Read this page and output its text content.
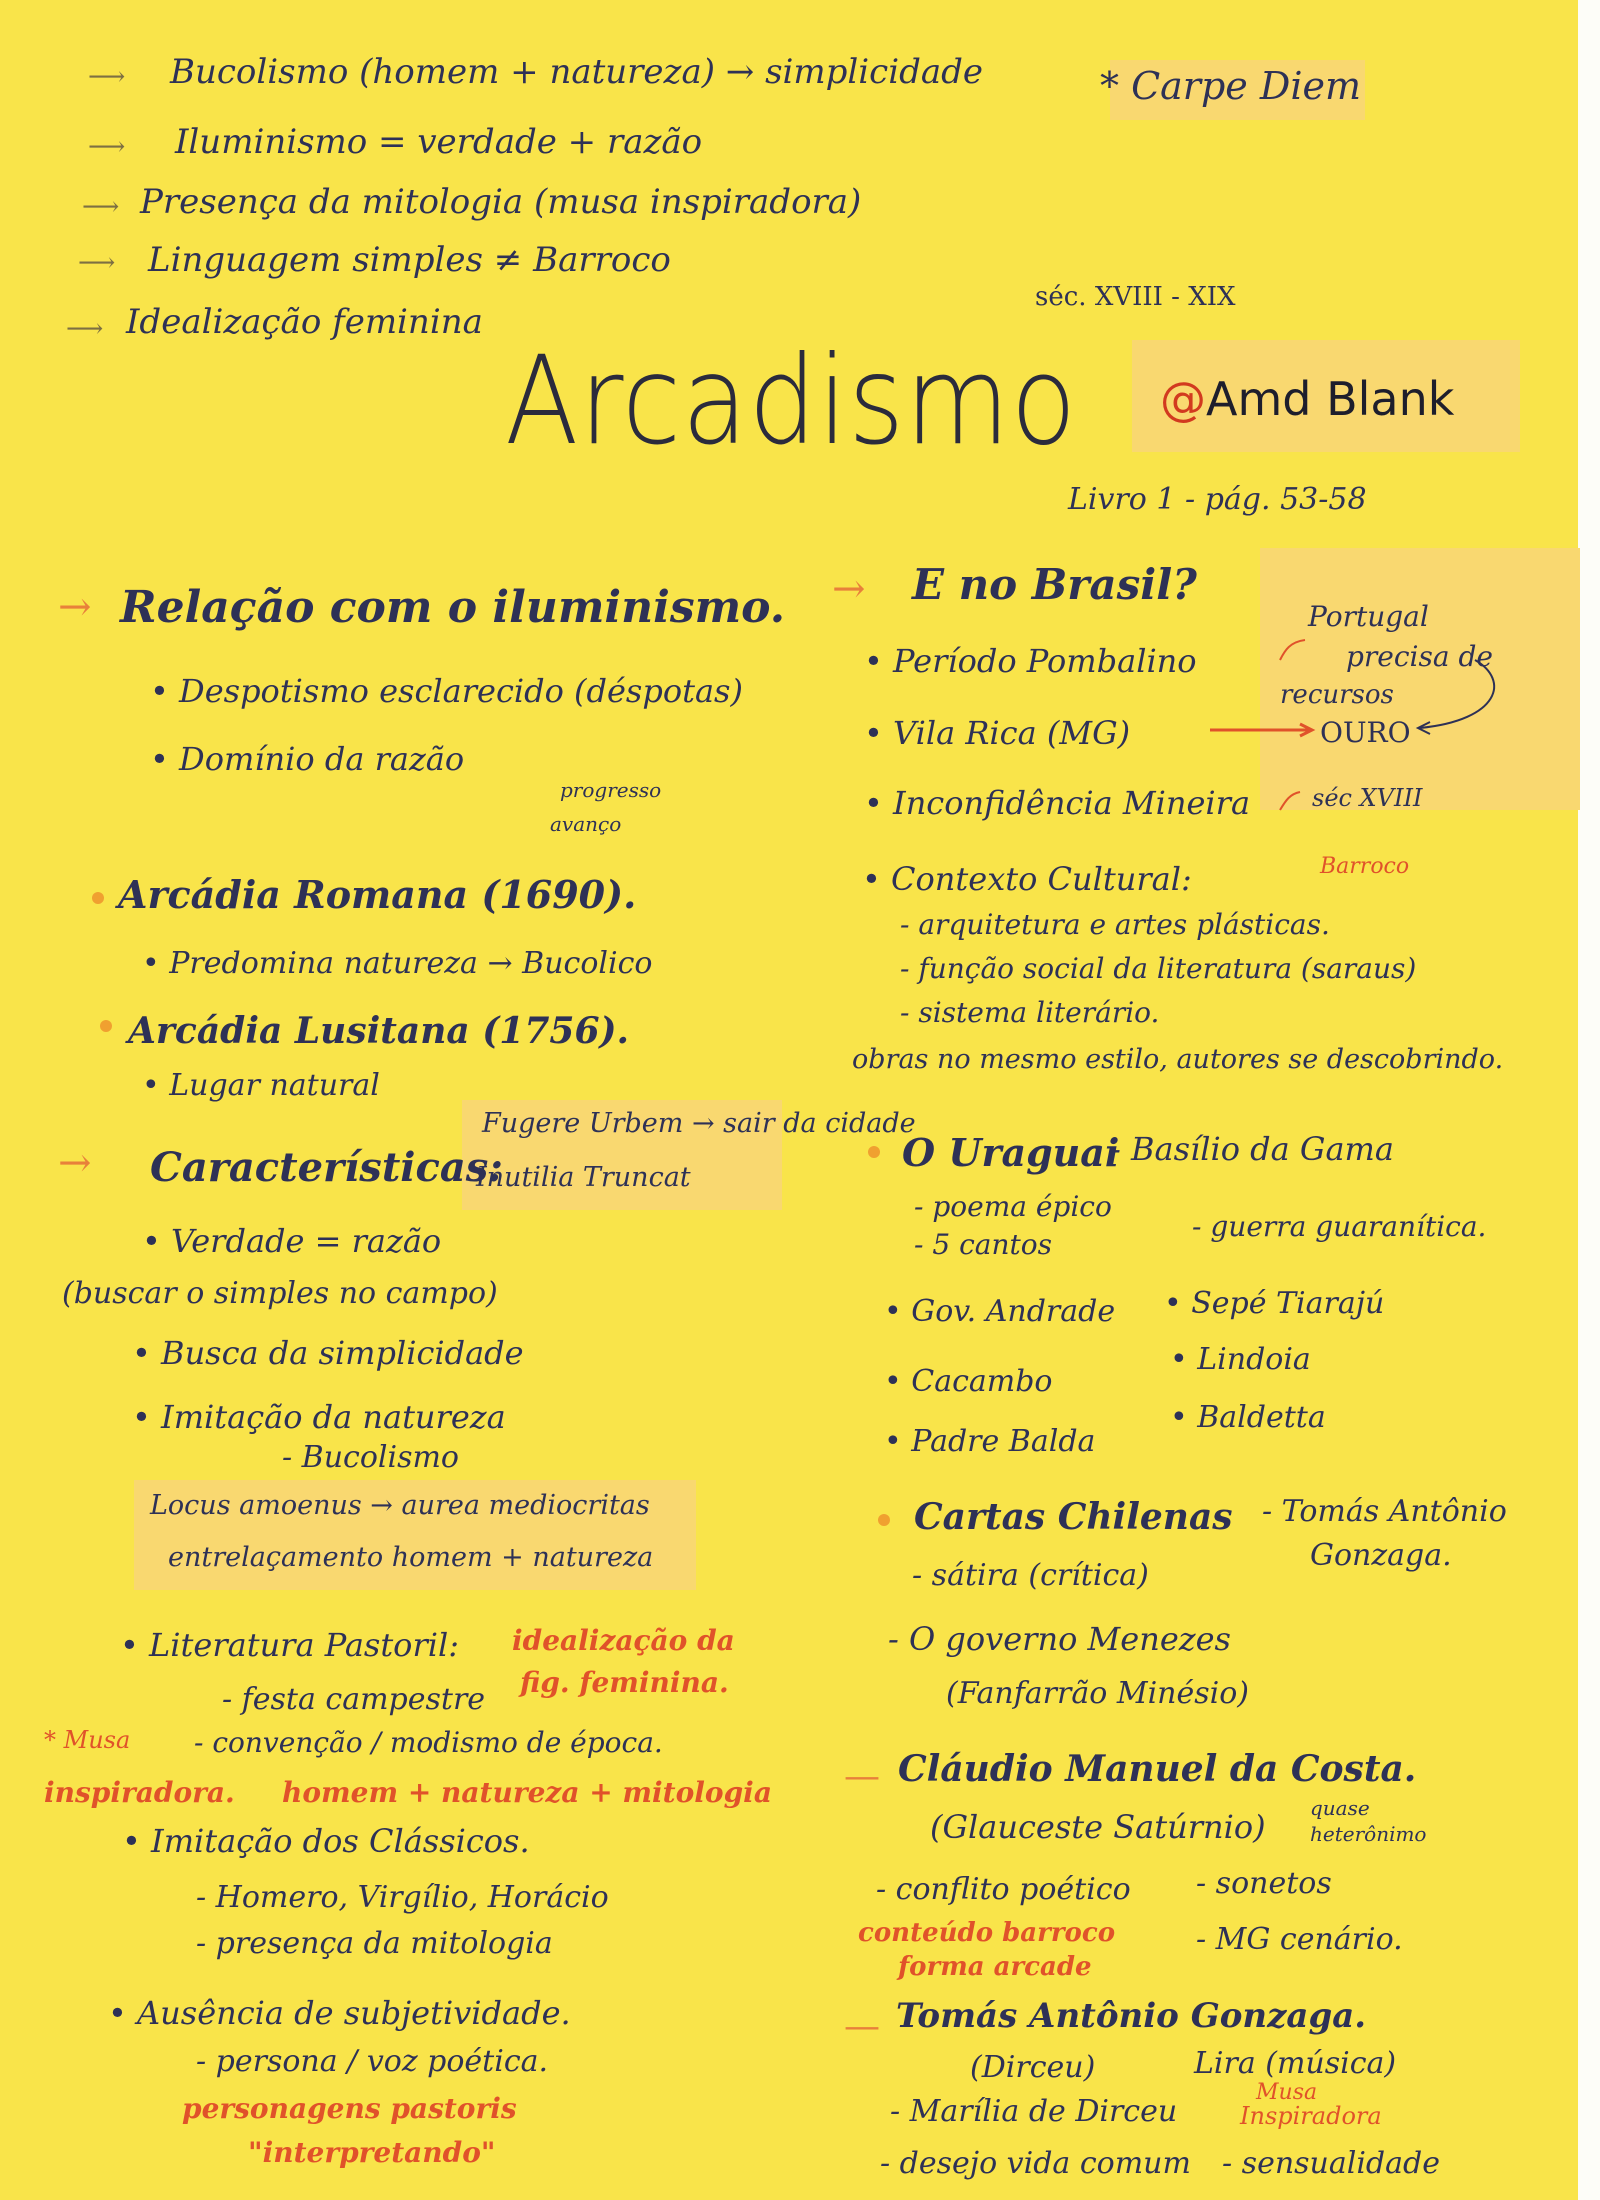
⟶ Bucolismo (homem + natureza) → simplicidade
⟶ Iluminismo = verdade + razão
⟶ Presença da mitologia (musa inspiradora)
⟶ Linguagem simples ≠ Barroco
⟶ Idealização feminina
* Carpe Diem
séc. XVIII - XIX
@Amd Blank
Arcadismo
Livro 1 - pág. 53-58
→ Relação com o iluminismo.
• Despotismo esclarecido (déspotas)
• Domínio da razão
progresso
avanço
Arcádia Romana (1690).
• Predomina natureza → Bucolico
Arcádia Lusitana (1756).
• Lugar natural
Fugere Urbem → sair da cidade
Inutilia Truncat
→ Características:
• Verdade = razão
(buscar o simples no campo)
• Busca da simplicidade
• Imitação da natureza
- Bucolismo
Locus amoenus → aurea mediocritas
entrelaçamento homem + natureza
• Literatura Pastoril: idealização da
fig. feminina.
- festa campestre
* Musa - convenção / modismo de época.
inspiradora. homem + natureza + mitologia
• Imitação dos Clássicos.
- Homero, Virgílio, Horácio
- presença da mitologia
• Ausência de subjetividade.
- persona / voz poética.
personagens pastoris
"interpretando"
→ E no Brasil?
Portugal
precisa de
recursos
OURO
séc XVIII
• Período Pombalino
• Vila Rica (MG)
• Inconfidência Mineira
• Contexto Cultural:	Barroco
- arquitetura e artes plásticas.
- função social da literatura (saraus)
- sistema literário.
obras no mesmo estilo, autores se descobrindo.
O Uraguai
- Basílio da Gama
- poema épico
- 5 cantos
- guerra guaranítica.
• Gov. Andrade
• Cacambo
• Padre Balda
• Sepé Tiarajú
• Lindoia
• Baldetta
Cartas Chilenas - Tomás Antônio
Gonzaga.
- sátira (crítica)
- O governo Menezes
(Fanfarrão Minésio)
— Cláudio Manuel da Costa.
(Glauceste Satúrnio) quase
heterônimo
- conflito poético - sonetos
conteúdo barroco
forma arcade
- MG cenário.
— Tomás Antônio Gonzaga.
(Dirceu)	Lira (música)
- Marília de Dirceu
Musa
Inspiradora
- desejo vida comum - sensualidade
